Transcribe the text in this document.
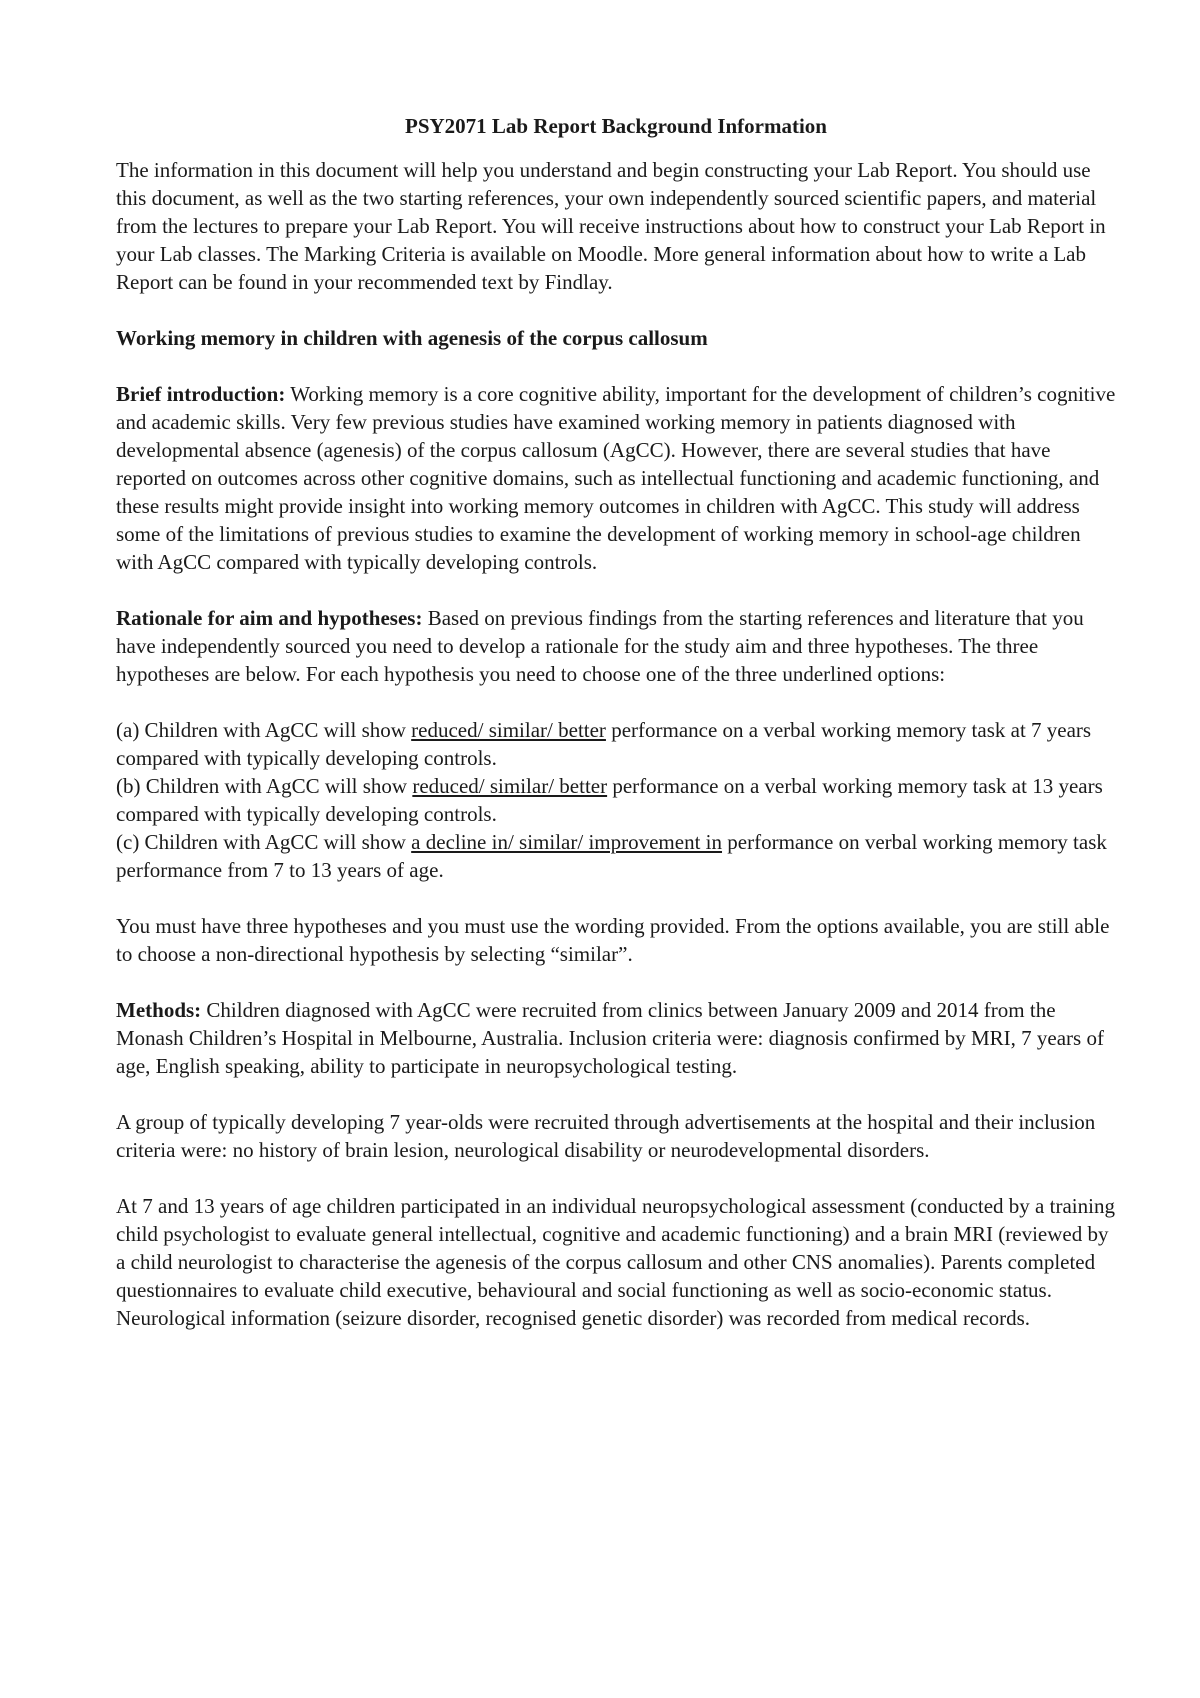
PSY2071 Lab Report Background Information

The information in this document will help you understand and begin constructing your Lab Report. You should use this document, as well as the two starting references, your own independently sourced scientific papers, and material from the lectures to prepare your Lab Report. You will receive instructions about how to construct your Lab Report in your Lab classes. The Marking Criteria is available on Moodle. More general information about how to write a Lab Report can be found in your recommended text by Findlay.

Working memory in children with agenesis of the corpus callosum

Brief introduction: Working memory is a core cognitive ability, important for the development of children’s cognitive and academic skills. Very few previous studies have examined working memory in patients diagnosed with developmental absence (agenesis) of the corpus callosum (AgCC). However, there are several studies that have reported on outcomes across other cognitive domains, such as intellectual functioning and academic functioning, and these results might provide insight into working memory outcomes in children with AgCC. This study will address some of the limitations of previous studies to examine the development of working memory in school-age children with AgCC compared with typically developing controls.

Rationale for aim and hypotheses: Based on previous findings from the starting references and literature that you have independently sourced you need to develop a rationale for the study aim and three hypotheses. The three hypotheses are below. For each hypothesis you need to choose one of the three underlined options:

(a) Children with AgCC will show reduced/ similar/ better performance on a verbal working memory task at 7 years compared with typically developing controls.
(b) Children with AgCC will show reduced/ similar/ better performance on a verbal working memory task at 13 years compared with typically developing controls.
(c) Children with AgCC will show a decline in/ similar/ improvement in performance on verbal working memory task performance from 7 to 13 years of age.

You must have three hypotheses and you must use the wording provided. From the options available, you are still able to choose a non-directional hypothesis by selecting “similar”.

Methods: Children diagnosed with AgCC were recruited from clinics between January 2009 and 2014 from the Monash Children’s Hospital in Melbourne, Australia. Inclusion criteria were: diagnosis confirmed by MRI, 7 years of age, English speaking, ability to participate in neuropsychological testing.

A group of typically developing 7 year-olds were recruited through advertisements at the hospital and their inclusion criteria were: no history of brain lesion, neurological disability or neurodevelopmental disorders.

At 7 and 13 years of age children participated in an individual neuropsychological assessment (conducted by a training child psychologist to evaluate general intellectual, cognitive and academic functioning) and a brain MRI (reviewed by a child neurologist to characterise the agenesis of the corpus callosum and other CNS anomalies). Parents completed questionnaires to evaluate child executive, behavioural and social functioning as well as socio-economic status. Neurological information (seizure disorder, recognised genetic disorder) was recorded from medical records.
